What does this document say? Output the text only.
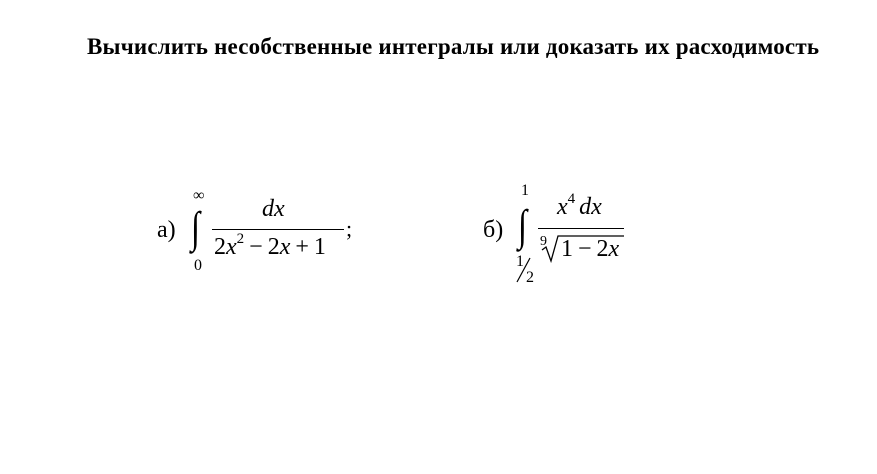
Вычислить несобственные интегралы или доказать их расходимость
а)
∞
∫
0
dx
$2x^2 - 2x + 1$
;	б)
1
∫
1
2
$x^4$ dx
9 1 − 2x
